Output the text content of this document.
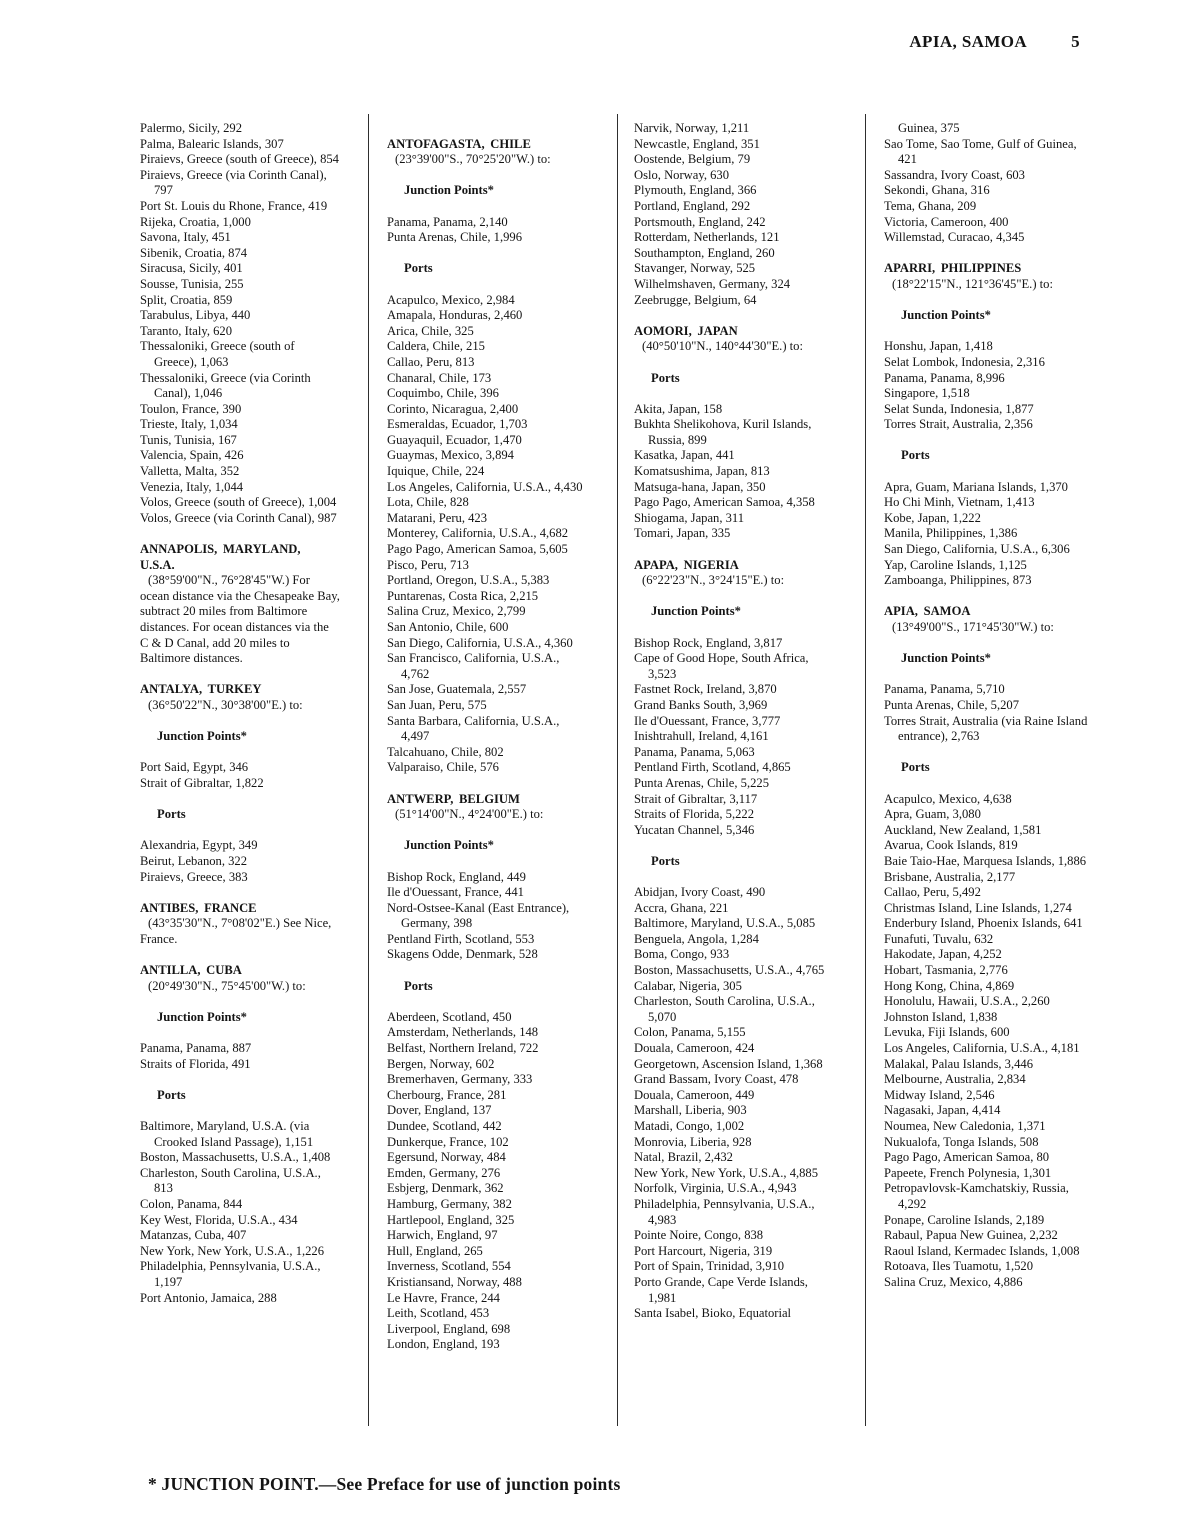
APIA, SAMOA	5
Palermo, Sicily, 292
Palma, Balearic Islands, 307
Piraievs, Greece (south of Greece), 854
Piraievs, Greece (via Corinth Canal), 797
Port St. Louis du Rhone, France, 419
Rijeka, Croatia, 1,000
Savona, Italy, 451
Sibenik, Croatia, 874
Siracusa, Sicily, 401
Sousse, Tunisia, 255
Split, Croatia, 859
Tarabulus, Libya, 440
Taranto, Italy, 620
Thessaloniki, Greece (south of Greece), 1,063
Thessaloniki, Greece (via Corinth Canal), 1,046
Toulon, France, 390
Trieste, Italy, 1,034
Tunis, Tunisia, 167
Valencia, Spain, 426
Valletta, Malta, 352
Venezia, Italy, 1,044
Volos, Greece (south of Greece), 1,004
Volos, Greece (via Corinth Canal), 987
ANNAPOLIS, MARYLAND, U.S.A.
(38°59'00"N., 76°28'45"W.) For ocean distance via the Chesapeake Bay, subtract 20 miles from Baltimore distances. For ocean distances via the C & D Canal, add 20 miles to Baltimore distances.
ANTALYA, TURKEY
(36°50'22"N., 30°38'00"E.) to:
Junction Points*
Port Said, Egypt, 346
Strait of Gibraltar, 1,822
Ports
Alexandria, Egypt, 349
Beirut, Lebanon, 322
Piraievs, Greece, 383
ANTIBES, FRANCE
(43°35'30"N., 7°08'02"E.) See Nice, France.
ANTILLA, CUBA
(20°49'30"N., 75°45'00"W.) to:
Junction Points*
Panama, Panama, 887
Straits of Florida, 491
Ports
Baltimore, Maryland, U.S.A. (via Crooked Island Passage), 1,151
Boston, Massachusetts, U.S.A., 1,408
Charleston, South Carolina, U.S.A., 813
Colon, Panama, 844
Key West, Florida, U.S.A., 434
Matanzas, Cuba, 407
New York, New York, U.S.A., 1,226
Philadelphia, Pennsylvania, U.S.A., 1,197
Port Antonio, Jamaica, 288
ANTOFAGASTA, CHILE
(23°39'00"S., 70°25'20"W.) to:
Junction Points*
Panama, Panama, 2,140
Punta Arenas, Chile, 1,996
Ports
Acapulco, Mexico, 2,984
Amapala, Honduras, 2,460
Arica, Chile, 325
Caldera, Chile, 215
Callao, Peru, 813
Chanaral, Chile, 173
Coquimbo, Chile, 396
Corinto, Nicaragua, 2,400
Esmeraldas, Ecuador, 1,703
Guayaquil, Ecuador, 1,470
Guaymas, Mexico, 3,894
Iquique, Chile, 224
Los Angeles, California, U.S.A., 4,430
Lota, Chile, 828
Matarani, Peru, 423
Monterey, California, U.S.A., 4,682
Pago Pago, American Samoa, 5,605
Pisco, Peru, 713
Portland, Oregon, U.S.A., 5,383
Puntarenas, Costa Rica, 2,215
Salina Cruz, Mexico, 2,799
San Antonio, Chile, 600
San Diego, California, U.S.A., 4,360
San Francisco, California, U.S.A., 4,762
San Jose, Guatemala, 2,557
San Juan, Peru, 575
Santa Barbara, California, U.S.A., 4,497
Talcahuano, Chile, 802
Valparaiso, Chile, 576
ANTWERP, BELGIUM
(51°14'00"N., 4°24'00"E.) to:
Junction Points*
Bishop Rock, England, 449
Ile d'Ouessant, France, 441
Nord-Ostsee-Kanal (East Entrance), Germany, 398
Pentland Firth, Scotland, 553
Skagens Odde, Denmark, 528
Ports
Aberdeen, Scotland, 450
Amsterdam, Netherlands, 148
Belfast, Northern Ireland, 722
Bergen, Norway, 602
Bremerhaven, Germany, 333
Cherbourg, France, 281
Dover, England, 137
Dundee, Scotland, 442
Dunkerque, France, 102
Egersund, Norway, 484
Emden, Germany, 276
Esbjerg, Denmark, 362
Hamburg, Germany, 382
Hartlepool, England, 325
Harwich, England, 97
Hull, England, 265
Inverness, Scotland, 554
Kristiansand, Norway, 488
Le Havre, France, 244
Leith, Scotland, 453
Liverpool, England, 698
London, England, 193
Narvik, Norway, 1,211
Newcastle, England, 351
Oostende, Belgium, 79
Oslo, Norway, 630
Plymouth, England, 366
Portland, England, 292
Portsmouth, England, 242
Rotterdam, Netherlands, 121
Southampton, England, 260
Stavanger, Norway, 525
Wilhelmshaven, Germany, 324
Zeebrugge, Belgium, 64
AOMORI, JAPAN
(40°50'10"N., 140°44'30"E.) to:
Ports
Akita, Japan, 158
Bukhta Shelikohova, Kuril Islands, Russia, 899
Kasatka, Japan, 441
Komatsushima, Japan, 813
Matsuga-hana, Japan, 350
Pago Pago, American Samoa, 4,358
Shiogama, Japan, 311
Tomari, Japan, 335
APAPA, NIGERIA
(6°22'23"N., 3°24'15"E.) to:
Junction Points*
Bishop Rock, England, 3,817
Cape of Good Hope, South Africa, 3,523
Fastnet Rock, Ireland, 3,870
Grand Banks South, 3,969
Ile d'Ouessant, France, 3,777
Inishtrahull, Ireland, 4,161
Panama, Panama, 5,063
Pentland Firth, Scotland, 4,865
Punta Arenas, Chile, 5,225
Strait of Gibraltar, 3,117
Straits of Florida, 5,222
Yucatan Channel, 5,346
Ports
Abidjan, Ivory Coast, 490
Accra, Ghana, 221
Baltimore, Maryland, U.S.A., 5,085
Benguela, Angola, 1,284
Boma, Congo, 933
Boston, Massachusetts, U.S.A., 4,765
Calabar, Nigeria, 305
Charleston, South Carolina, U.S.A., 5,070
Colon, Panama, 5,155
Douala, Cameroon, 424
Georgetown, Ascension Island, 1,368
Grand Bassam, Ivory Coast, 478
Douala, Cameroon, 449
Marshall, Liberia, 903
Matadi, Congo, 1,002
Monrovia, Liberia, 928
Natal, Brazil, 2,432
New York, New York, U.S.A., 4,885
Norfolk, Virginia, U.S.A., 4,943
Philadelphia, Pennsylvania, U.S.A., 4,983
Pointe Noire, Congo, 838
Port Harcourt, Nigeria, 319
Port of Spain, Trinidad, 3,910
Porto Grande, Cape Verde Islands, 1,981
Santa Isabel, Bioko, Equatorial
Guinea, 375
Sao Tome, Sao Tome, Gulf of Guinea, 421
Sassandra, Ivory Coast, 603
Sekondi, Ghana, 316
Tema, Ghana, 209
Victoria, Cameroon, 400
Willemstad, Curacao, 4,345
APARRI, PHILIPPINES
(18°22'15"N., 121°36'45"E.) to:
Junction Points*
Honshu, Japan, 1,418
Selat Lombok, Indonesia, 2,316
Panama, Panama, 8,996
Singapore, 1,518
Selat Sunda, Indonesia, 1,877
Torres Strait, Australia, 2,356
Ports
Apra, Guam, Mariana Islands, 1,370
Ho Chi Minh, Vietnam, 1,413
Kobe, Japan, 1,222
Manila, Philippines, 1,386
San Diego, California, U.S.A., 6,306
Yap, Caroline Islands, 1,125
Zamboanga, Philippines, 873
APIA, SAMOA
(13°49'00"S., 171°45'30"W.) to:
Junction Points*
Panama, Panama, 5,710
Punta Arenas, Chile, 5,207
Torres Strait, Australia (via Raine Island entrance), 2,763
Ports
Acapulco, Mexico, 4,638
Apra, Guam, 3,080
Auckland, New Zealand, 1,581
Avarua, Cook Islands, 819
Baie Taio-Hae, Marquesa Islands, 1,886
Brisbane, Australia, 2,177
Callao, Peru, 5,492
Christmas Island, Line Islands, 1,274
Enderbury Island, Phoenix Islands, 641
Funafuti, Tuvalu, 632
Hakodate, Japan, 4,252
Hobart, Tasmania, 2,776
Hong Kong, China, 4,869
Honolulu, Hawaii, U.S.A., 2,260
Johnston Island, 1,838
Levuka, Fiji Islands, 600
Los Angeles, California, U.S.A., 4,181
Malakal, Palau Islands, 3,446
Melbourne, Australia, 2,834
Midway Island, 2,546
Nagasaki, Japan, 4,414
Noumea, New Caledonia, 1,371
Nukualofa, Tonga Islands, 508
Pago Pago, American Samoa, 80
Papeete, French Polynesia, 1,301
Petropavlovsk-Kamchatskiy, Russia, 4,292
Ponape, Caroline Islands, 2,189
Rabaul, Papua New Guinea, 2,232
Raoul Island, Kermadec Islands, 1,008
Rotoava, Iles Tuamotu, 1,520
Salina Cruz, Mexico, 4,886
* JUNCTION POINT.—See Preface for use of junction points
